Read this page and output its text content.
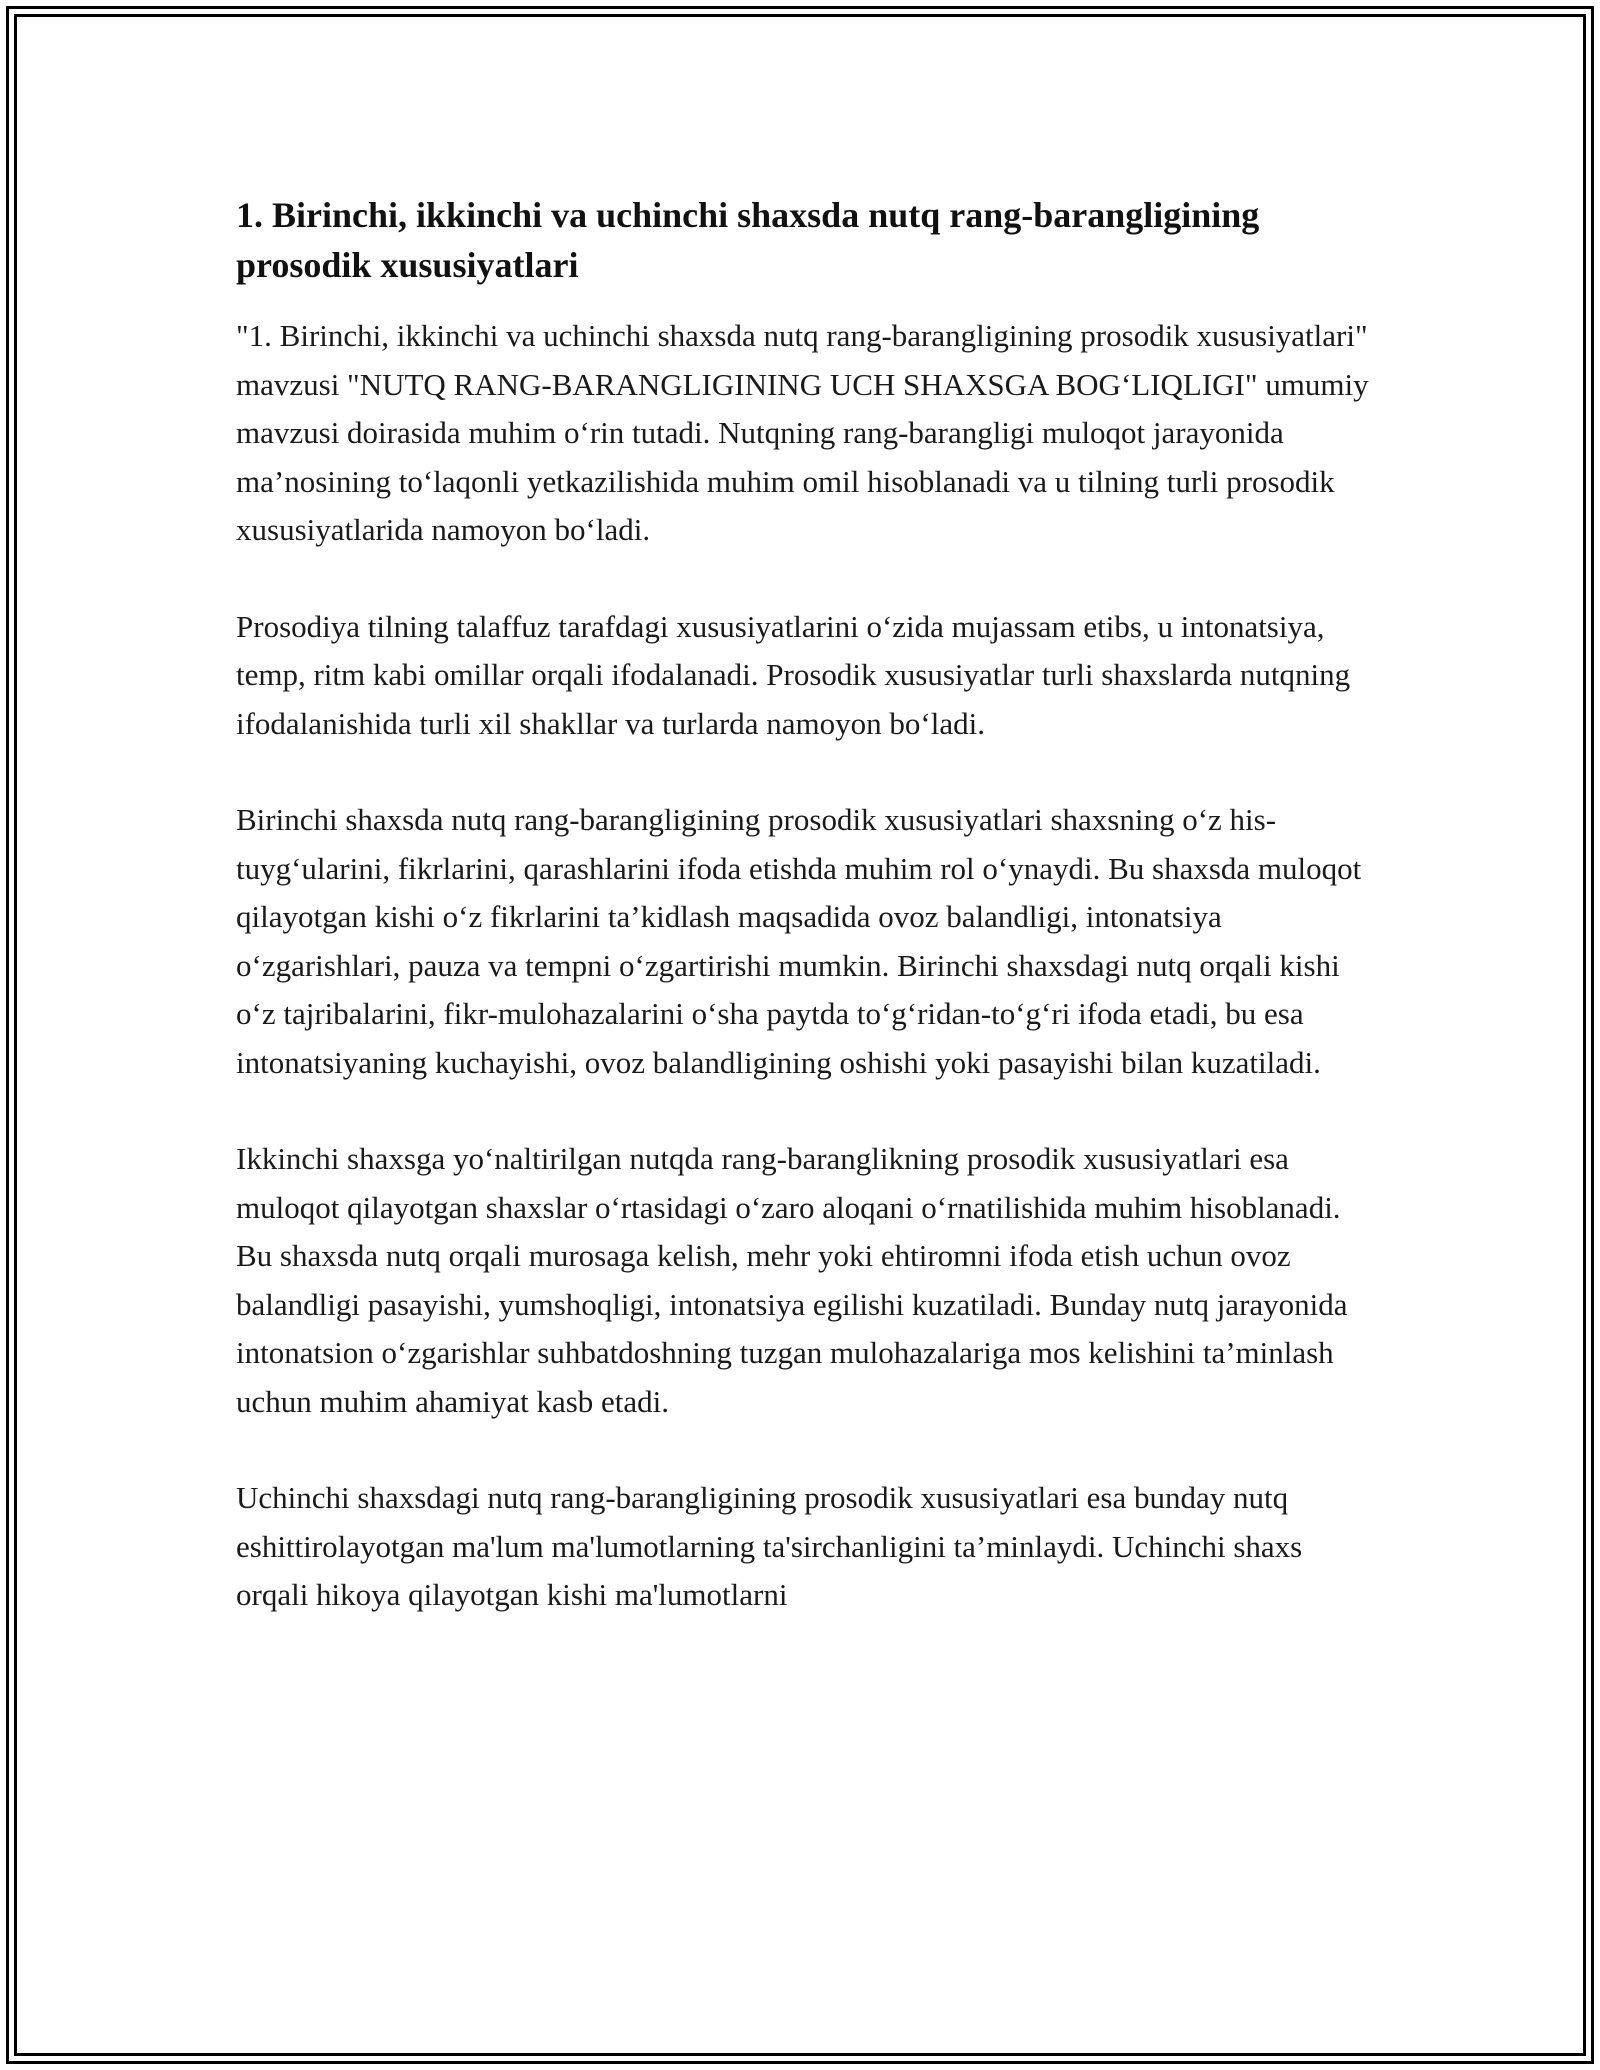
1. Birinchi, ikkinchi va uchinchi shaxsda nutq rang-barangligining prosodik xususiyatlari

"1. Birinchi, ikkinchi va uchinchi shaxsda nutq rang-barangligining prosodik xususiyatlari" mavzusi "NUTQ RANG-BARANGLIGINING UCH SHAXSGA BOG‘LIQLIGI" umumiy mavzusi doirasida muhim o‘rin tutadi. Nutqning rang-barangligi muloqot jarayonida ma’nosining to‘laqonli yetkazilishida muhim omil hisoblanadi va u tilning turli prosodik xususiyatlarida namoyon bo‘ladi.

Prosodiya tilning talaffuz tarafdagi xususiyatlarini o‘zida mujassam etibs, u intonatsiya, temp, ritm kabi omillar orqali ifodalanadi. Prosodik xususiyatlar turli shaxslarda nutqning ifodalanishida turli xil shakllar va turlarda namoyon bo‘ladi.

Birinchi shaxsda nutq rang-barangligining prosodik xususiyatlari shaxsning o‘z his-tuyg‘ularini, fikrlarini, qarashlarini ifoda etishda muhim rol o‘ynaydi. Bu shaxsda muloqot qilayotgan kishi o‘z fikrlarini ta’kidlash maqsadida ovoz balandligi, intonatsiya o‘zgarishlari, pauza va tempni o‘zgartirishi mumkin. Birinchi shaxsdagi nutq orqali kishi o‘z tajribalarini, fikr-mulohazalarini o‘sha paytda to‘g‘ridan-to‘g‘ri ifoda etadi, bu esa intonatsiyaning kuchayishi, ovoz balandligining oshishi yoki pasayishi bilan kuzatiladi.

Ikkinchi shaxsga yo‘naltirilgan nutqda rang-baranglikning prosodik xususiyatlari esa muloqot qilayotgan shaxslar o‘rtasidagi o‘zaro aloqani o‘rnatilishida muhim hisoblanadi. Bu shaxsda nutq orqali murosaga kelish, mehr yoki ehtiromni ifoda etish uchun ovoz balandligi pasayishi, yumshoqligi, intonatsiya egilishi kuzatiladi. Bunday nutq jarayonida intonatsion o‘zgarishlar suhbatdoshning tuzgan mulohazalariga mos kelishini ta’minlash uchun muhim ahamiyat kasb etadi.

Uchinchi shaxsdagi nutq rang-barangligining prosodik xususiyatlari esa bunday nutq eshittirolayotgan ma'lum ma'lumotlarning ta'sirchanligini ta’minlaydi. Uchinchi shaxs orqali hikoya qilayotgan kishi ma'lumotlarni
